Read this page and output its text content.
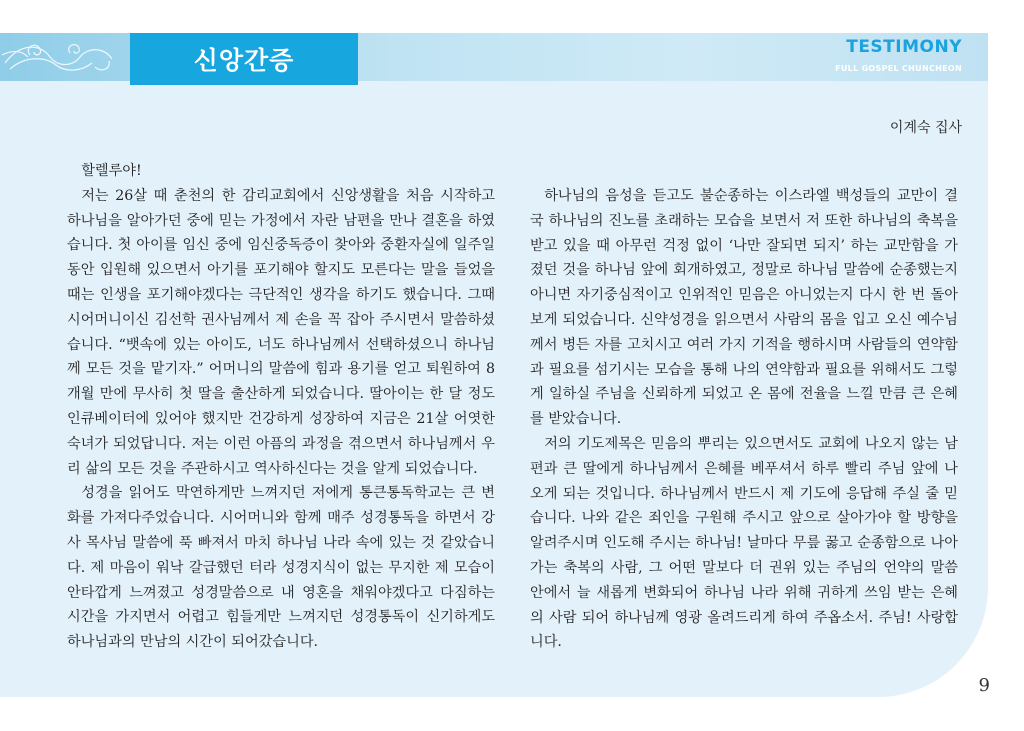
신앙간증	TESTIMONY
FULL GOSPEL CHUNCHEON
이계숙 집사

할렐루야!

저는 26살 때 춘천의 한 감리교회에서 신앙생활을 처음 시작하고 하나님을 알아가던 중에 믿는 가정에서 자란 남편을 만나 결혼을 하였습니다. 첫 아이를 임신 중에 임신중독증이 찾아와 중환자실에 일주일 동안 입원해 있으면서 아기를 포기해야 할지도 모른다는 말을 들었을 때는 인생을 포기해야겠다는 극단적인 생각을 하기도 했습니다. 그때 시어머니이신 김선학 권사님께서 제 손을 꼭 잡아 주시면서 말씀하셨습니다. “뱃속에 있는 아이도, 너도 하나님께서 선택하셨으니 하나님께 모든 것을 맡기자.” 어머니의 말씀에 힘과 용기를 얻고 퇴원하여 8개월 만에 무사히 첫 딸을 출산하게 되었습니다. 딸아이는 한 달 정도 인큐베이터에 있어야 했지만 건강하게 성장하여 지금은 21살 어엿한 숙녀가 되었답니다. 저는 이런 아픔의 과정을 겪으면서 하나님께서 우리 삶의 모든 것을 주관하시고 역사하신다는 것을 알게 되었습니다.

성경을 읽어도 막연하게만 느껴지던 저에게 통큰통독학교는 큰 변화를 가져다주었습니다. 시어머니와 함께 매주 성경통독을 하면서 강사 목사님 말씀에 푹 빠져서 마치 하나님 나라 속에 있는 것 같았습니다. 제 마음이 워낙 갈급했던 터라 성경지식이 없는 무지한 제 모습이 안타깝게 느껴졌고 성경말씀으로 내 영혼을 채워야겠다고 다짐하는 시간을 가지면서 어렵고 힘들게만 느껴지던 성경통독이 신기하게도 하나님과의 만남의 시간이 되어갔습니다.

하나님의 음성을 듣고도 불순종하는 이스라엘 백성들의 교만이 결국 하나님의 진노를 초래하는 모습을 보면서 저 또한 하나님의 축복을 받고 있을 때 아무런 걱정 없이 ‘나만 잘되면 되지’ 하는 교만함을 가졌던 것을 하나님 앞에 회개하였고, 정말로 하나님 말씀에 순종했는지 아니면 자기중심적이고 인위적인 믿음은 아니었는지 다시 한 번 돌아보게 되었습니다. 신약성경을 읽으면서 사람의 몸을 입고 오신 예수님께서 병든 자를 고치시고 여러 가지 기적을 행하시며 사람들의 연약함과 필요를 섬기시는 모습을 통해 나의 연약함과 필요를 위해서도 그렇게 일하실 주님을 신뢰하게 되었고 온 몸에 전율을 느낄 만큼 큰 은혜를 받았습니다.

저의 기도제목은 믿음의 뿌리는 있으면서도 교회에 나오지 않는 남편과 큰 딸에게 하나님께서 은혜를 베푸셔서 하루 빨리 주님 앞에 나오게 되는 것입니다. 하나님께서 반드시 제 기도에 응답해 주실 줄 믿습니다. 나와 같은 죄인을 구원해 주시고 앞으로 살아가야 할 방향을 알려주시며 인도해 주시는 하나님! 날마다 무릎 꿇고 순종함으로 나아가는 축복의 사람, 그 어떤 말보다 더 권위 있는 주님의 언약의 말씀 안에서 늘 새롭게 변화되어 하나님 나라 위해 귀하게 쓰임 받는 은혜의 사람 되어 하나님께 영광 올려드리게 하여 주옵소서. 주님! 사랑합니다.

9
